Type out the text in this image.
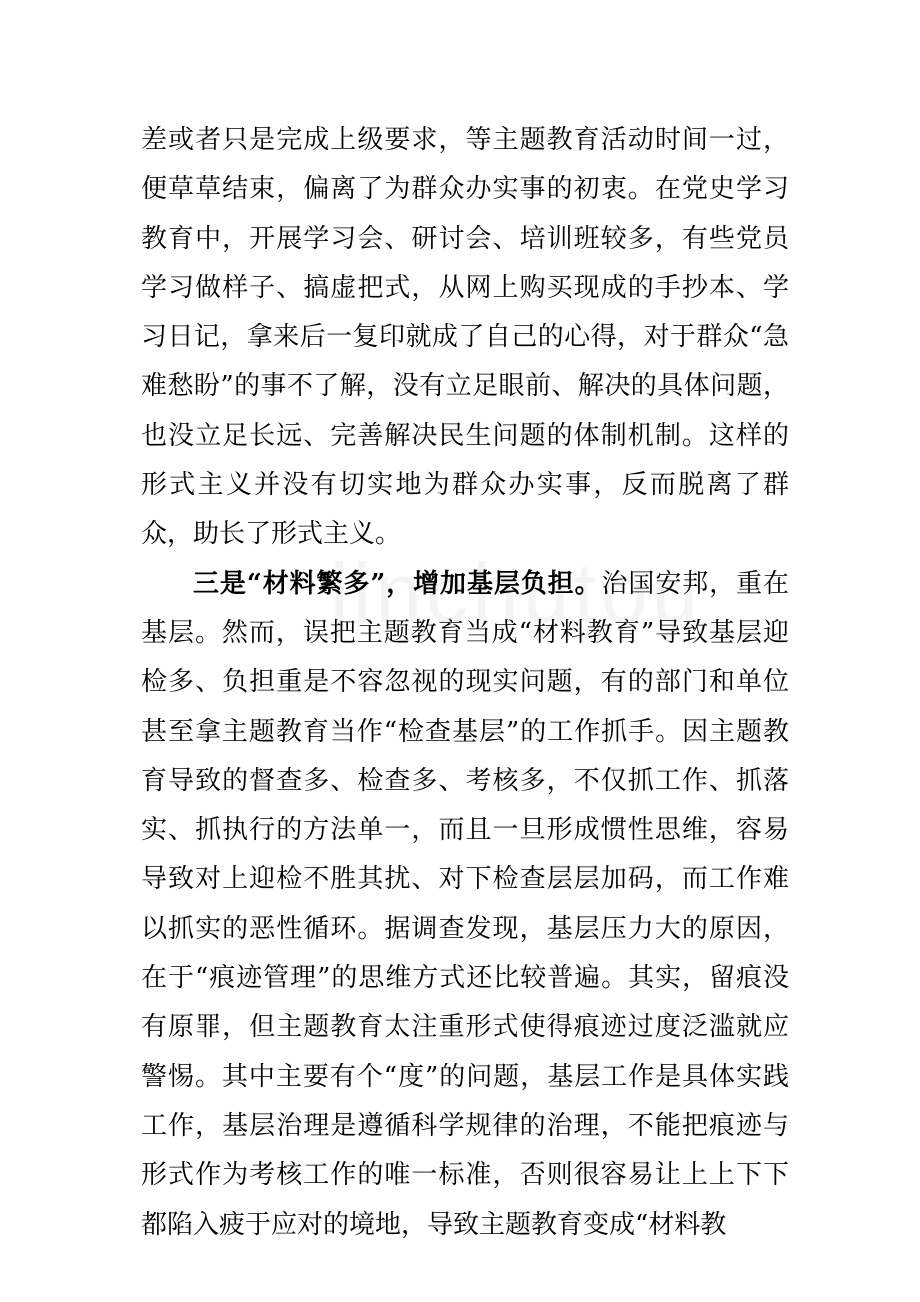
差或者只是完成上级要求，等主题教育活动时间一过，便草草结束，偏离了为群众办实事的初衷。在党史学习教育中，开展学习会、研讨会、培训班较多，有些党员学习做样子、搞虚把式，从网上购买现成的手抄本、学习日记，拿来后一复印就成了自己的心得，对于群众“急难愁盼”的事不了解，没有立足眼前、解决的具体问题，也没立足长远、完善解决民生问题的体制机制。这样的形式主义并没有切实地为群众办实事，反而脱离了群众，助长了形式主义。

三是“材料繁多”，增加基层负担。治国安邦，重在基层。然而，误把主题教育当成“材料教育”导致基层迎检多、负担重是不容忽视的现实问题，有的部门和单位甚至拿主题教育当作“检查基层”的工作抓手。因主题教育导致的督查多、检查多、考核多，不仅抓工作、抓落实、抓执行的方法单一，而且一旦形成惯性思维，容易导致对上迎检不胜其扰、对下检查层层加码，而工作难以抓实的恶性循环。据调查发现，基层压力大的原因，在于“痕迹管理”的思维方式还比较普遍。其实，留痕没有原罪，但主题教育太注重形式使得痕迹过度泛滥就应警惕。其中主要有个“度”的问题，基层工作是具体实践工作，基层治理是遵循科学规律的治理，不能把痕迹与形式作为考核工作的唯一标准，否则很容易让上上下下都陷入疲于应对的境地，导致主题教育变成“材料教
